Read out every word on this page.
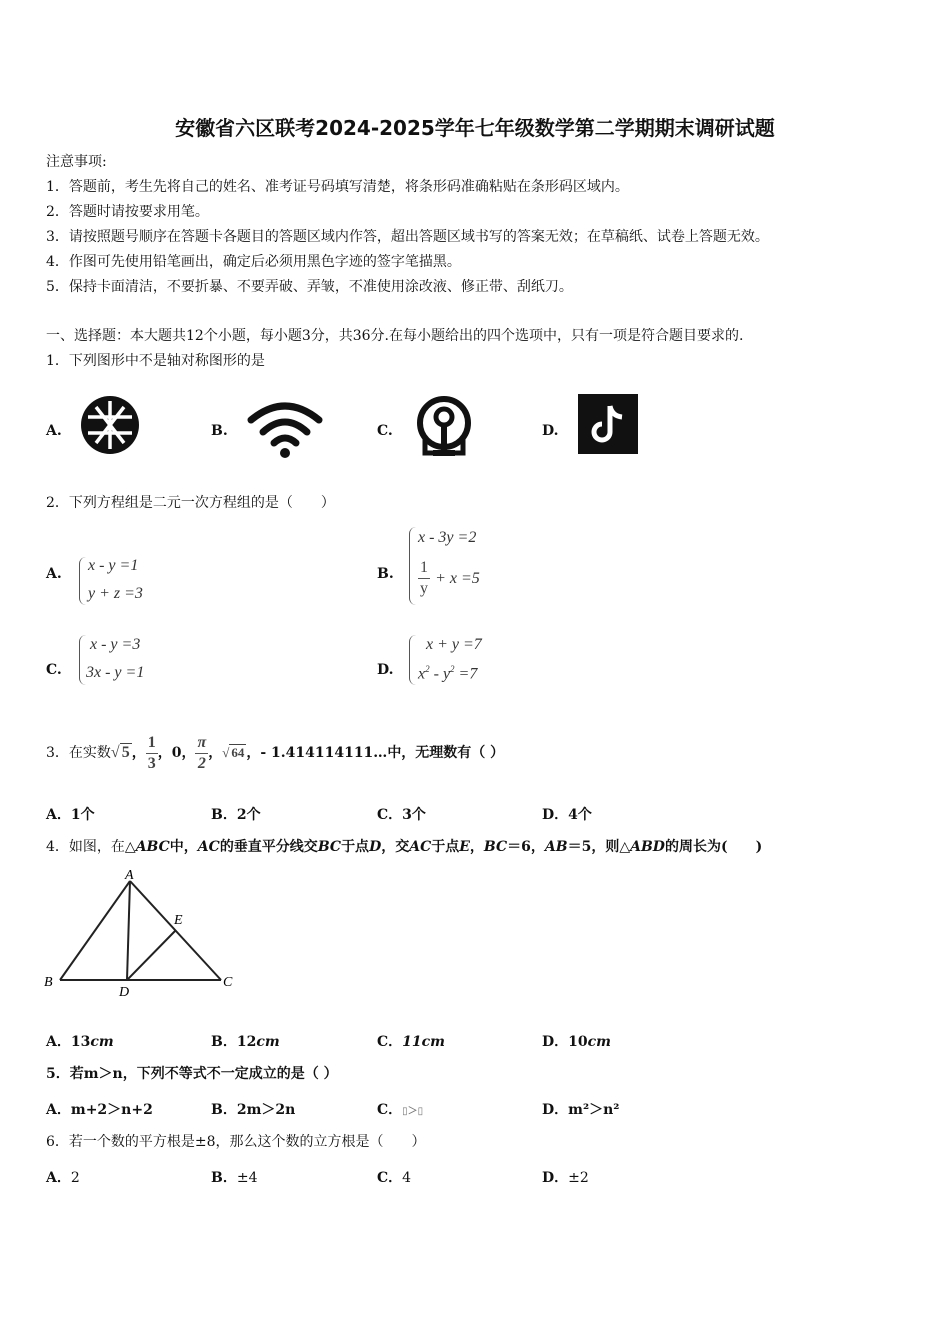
安徽省六区联考2024-2025学年七年级数学第二学期期末调研试题
注意事项:
1．答题前，考生先将自己的姓名、准考证号码填写清楚，将条形码准确粘贴在条形码区域内。
2．答题时请按要求用笔。
3．请按照题号顺序在答题卡各题目的答题区域内作答，超出答题区域书写的答案无效；在草稿纸、试卷上答题无效。
4．作图可先使用铅笔画出，确定后必须用黑色字迹的签字笔描黑。
5．保持卡面清洁，不要折暴、不要弄破、弄皱，不准使用涂改液、修正带、刮纸刀。
一、选择题：本大题共12个小题，每小题3分，共36分.在每小题给出的四个选项中，只有一项是符合题目要求的.
1．下列图形中不是轴对称图形的是
A.	B.	C.	D.
2．下列方程组是二元一次方程组的是（　　）
A. x - y =1
y + z =3
B.
x - 3y =2
$\frac{1}{y} + x =5$
C.
x - y =3
3x - y =1	D.
x + y =7
$x^2 - y^2 =7$
3．在实数 √ 5 ， $\frac{1}{3}$ ，0， $\frac{\pi}{2}$ ， √ 64 ， - 1.414114111… 中，无理数有（ ）
A．1个	B．2个	C．3个	D．4个
4．如图，在△ABC中，AC的垂直平分线交BC于点D，交AC于点E，BC＝6，AB＝5，则△ABD的周长为(　　)
A
E
B
D
C
A．13cm	B．12cm	C．11cm	D．10cm
5．若m＞n，下列不等式不一定成立的是（ ）
A．m+2＞n+2	B．2m＞2n	C．▯＞▯	D．m²＞n²
6．若一个数的平方根是±8，那么这个数的立方根是（　　）
A．2	B．±4	C．4	D．±2
